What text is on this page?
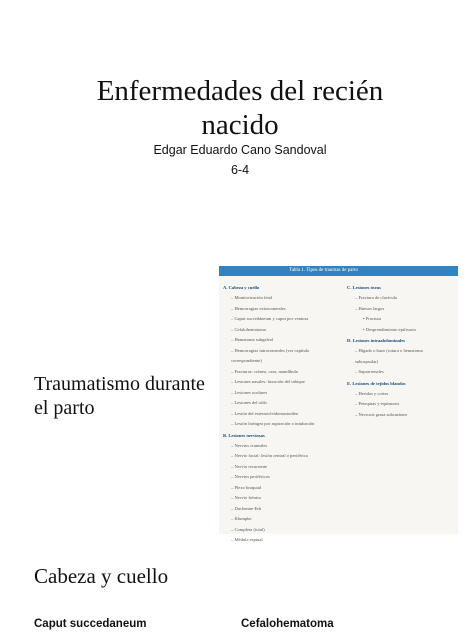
Enfermedades del recién nacido
Edgar Eduardo Cano Sandoval
6-4
Tabla 1. Tipos de traumas de parto
A. Cabeza y cuello
– Monitorización fetal
– Hemorragias extracraneales
– Caput succedáneum y caput por ventosa
– Cefalohematoma
– Hematoma subgaleal
– Hemorragias intracraneales (ver capítulo
correspondiente)
– Fracturas: cráneo, cara, mandíbula
– Lesiones nasales: luxación del tabique
– Lesiones oculares
– Lesiones del oído
– Lesión del esternocleidomastoideo
– Lesión faríngea por aspiración o intubación
B. Lesiones nerviosas
– Nervios craneales
– Nervio facial: lesión central o periférica
– Nervio recurrente
– Nervios periféricos
– Plexo braquial
– Nervio frénico
– Duchenne-Erb
– Klumpke
– Completa (total)
– Médula espinal
C. Lesiones óseas
– Fractura de clavícula
– Huesos largos
• Fractura
• Desprendimiento epifisario
D. Lesiones intraabdominales
– Hígado o bazo (rotura o hematoma
subcapsular)
– Suprarrenales
E. Lesiones de tejidos blandos
– Heridas y cortes
– Petequias y equimosis
– Necrosis grasa subcutánea
Traumatismo durante el parto
Cabeza y cuello
Caput succedaneum	Cefalohematoma
